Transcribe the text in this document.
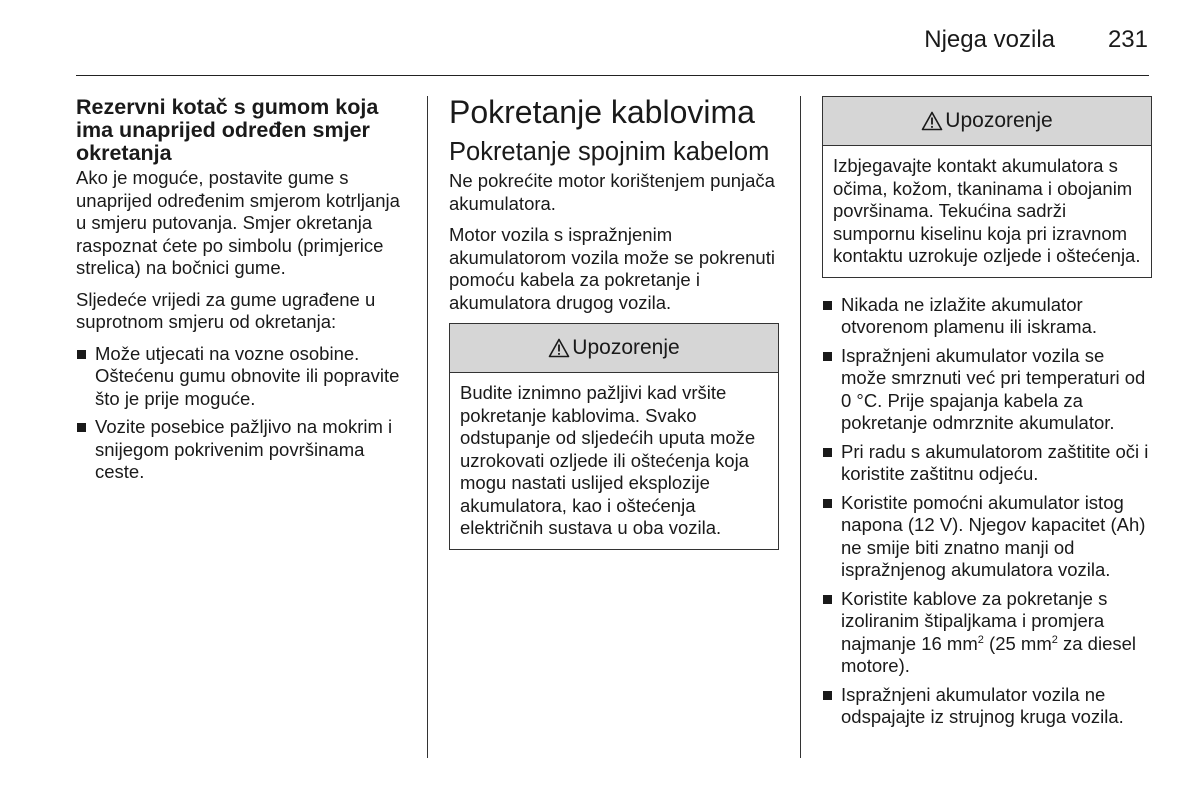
Njega vozila 231
Rezervni kotač s gumom koja ima unaprijed određen smjer okretanja

Ako je moguće, postavite gume s unaprijed određenim smjerom kotrljanja u smjeru putovanja. Smjer okretanja raspoznat ćete po simbolu (primjerice strelica) na bočnici gume.

Sljedeće vrijedi za gume ugrađene u suprotnom smjeru od okretanja:

Može utjecati na vozne osobine. Oštećenu gumu obnovite ili popravite što je prije moguće.
Vozite posebice pažljivo na mokrim i snijegom pokrivenim površinama ceste.
Pokretanje kablovima
Pokretanje spojnim kabelom

Ne pokrećite motor korištenjem punjača akumulatora.

Motor vozila s ispražnjenim akumulatorom vozila može se pokrenuti pomoću kabela za pokretanje i akumulatora drugog vozila.

Upozorenje
Budite iznimno pažljivi kad vršite pokretanje kablovima. Svako odstupanje od sljedećih uputa može uzrokovati ozljede ili oštećenja koja mogu nastati uslijed eksplozije akumulatora, kao i oštećenja električnih sustava u oba vozila.
Upozorenje
Izbjegavajte kontakt akumulatora s očima, kožom, tkaninama i obojanim površinama. Tekućina sadrži sumpornu kiselinu koja pri izravnom kontaktu uzrokuje ozljede i oštećenja.
Nikada ne izlažite akumulator otvorenom plamenu ili iskrama.
Ispražnjeni akumulator vozila se može smrznuti već pri temperaturi od 0 °C. Prije spajanja kabela za pokretanje odmrznite akumulator.
Pri radu s akumulatorom zaštitite oči i koristite zaštitnu odjeću.
Koristite pomoćni akumulator istog napona (12 V). Njegov kapacitet (Ah) ne smije biti znatno manji od ispražnjenog akumulatora vozila.
Koristite kablove za pokretanje s izoliranim štipaljkama i promjera najmanje 16 $mm^2$ (25 $mm^2$ za diesel motore).
Ispražnjeni akumulator vozila ne odspajajte iz strujnog kruga vozila.
